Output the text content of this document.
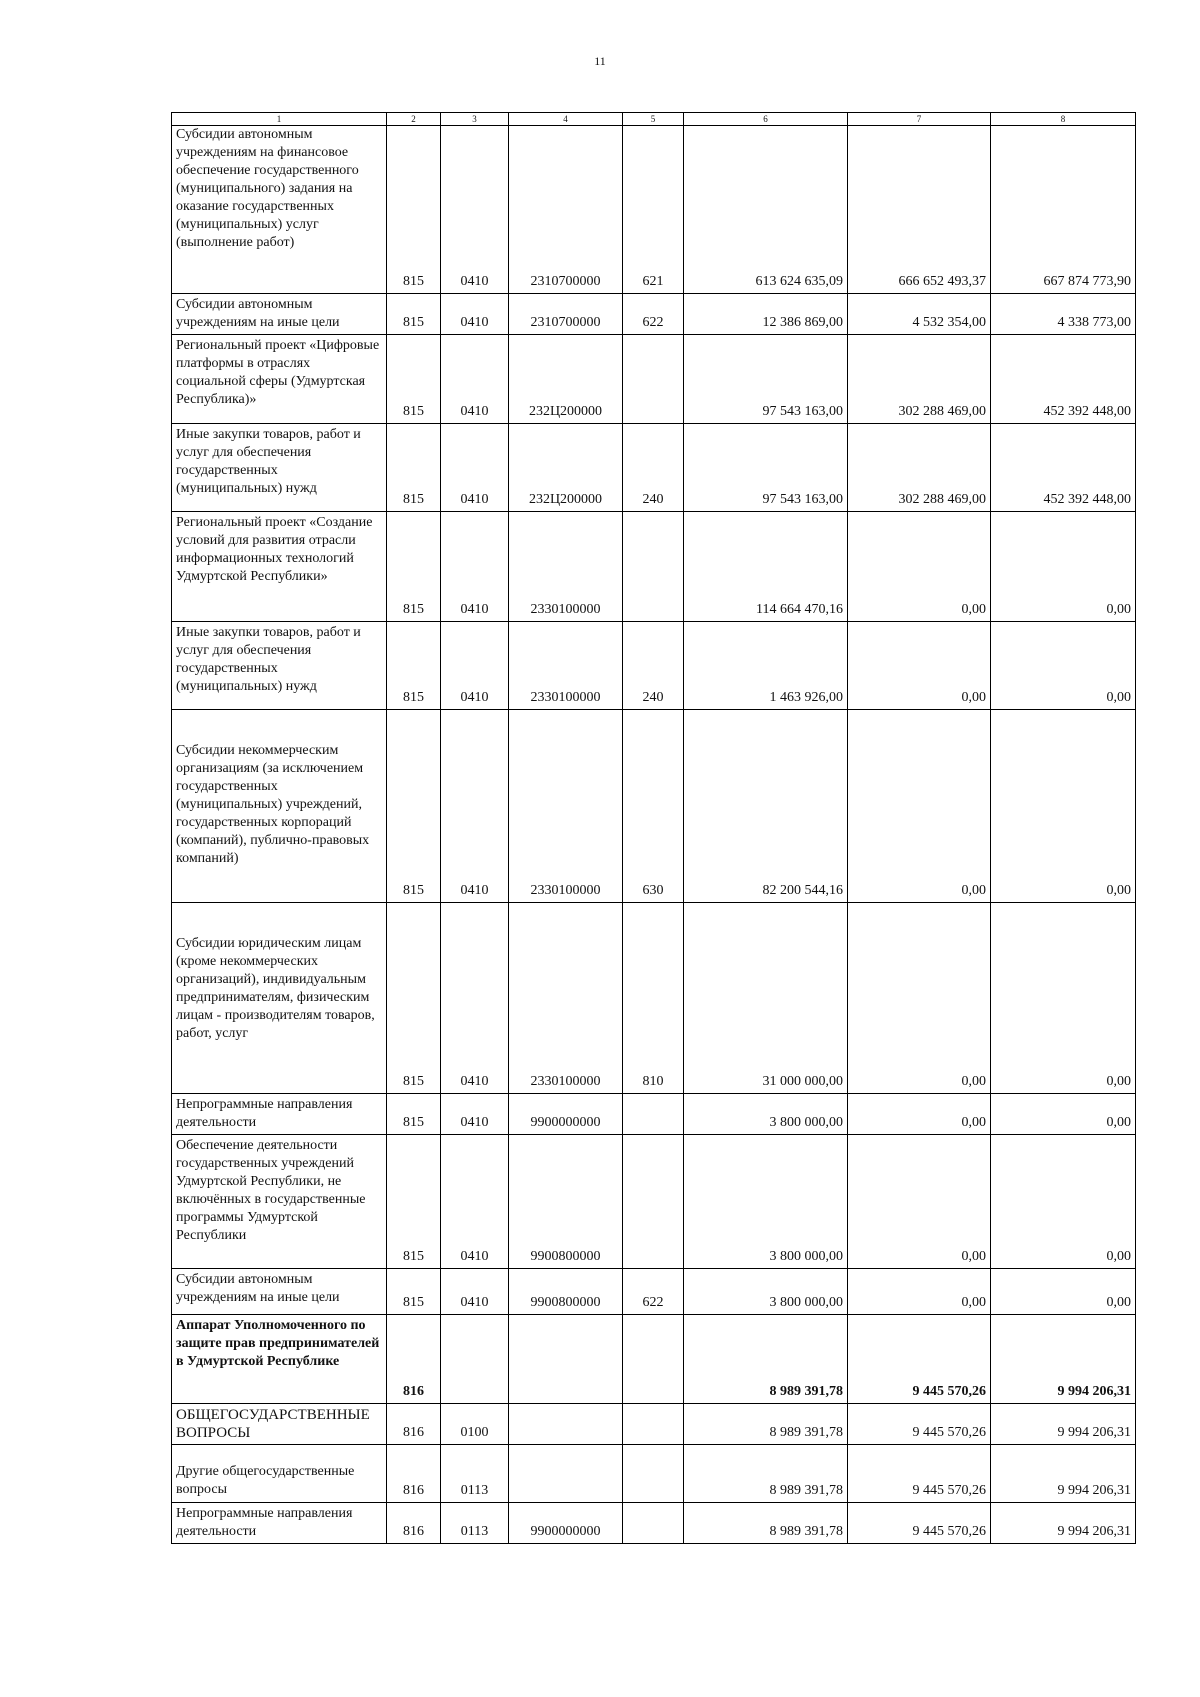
11
1	2	3	4	5	6	7	8
Субсидии автономным учреждениям на финансовое обеспечение государственного (муниципального) задания на оказание государственных (муниципальных) услуг (выполнение работ)	815	0410	2310700000	621	613 624 635,09	666 652 493,37	667 874 773,90
Субсидии автономным учреждениям на иные цели	815	0410	2310700000	622	12 386 869,00	4 532 354,00	4 338 773,00
Региональный проект «Цифровые платформы в отраслях социальной сферы (Удмуртская Республика)»	815	0410	232Ц200000		97 543 163,00	302 288 469,00	452 392 448,00
Иные закупки товаров, работ и услуг для обеспечения государственных (муниципальных) нужд	815	0410	232Ц200000	240	97 543 163,00	302 288 469,00	452 392 448,00
Региональный проект «Создание условий для развития отрасли информационных технологий Удмуртской Республики»	815	0410	2330100000		114 664 470,16	0,00	0,00
Иные закупки товаров, работ и услуг для обеспечения государственных (муниципальных) нужд	815	0410	2330100000	240	1 463 926,00	0,00	0,00
Субсидии некоммерческим организациям (за исключением государственных (муниципальных) учреждений, государственных корпораций (компаний), публично-правовых компаний)	815	0410	2330100000	630	82 200 544,16	0,00	0,00
Субсидии юридическим лицам (кроме некоммерческих организаций), индивидуальным предпринимателям, физическим лицам - производителям товаров, работ, услуг	815	0410	2330100000	810	31 000 000,00	0,00	0,00
Непрограммные направления деятельности	815	0410	9900000000		3 800 000,00	0,00	0,00
Обеспечение деятельности государственных учреждений Удмуртской Республики, не включённых в государственные программы Удмуртской Республики	815	0410	9900800000		3 800 000,00	0,00	0,00
Субсидии автономным учреждениям на иные цели	815	0410	9900800000	622	3 800 000,00	0,00	0,00
Аппарат Уполномоченного по защите прав предпринимателей в Удмуртской Республике	816				8 989 391,78	9 445 570,26	9 994 206,31
ОБЩЕГОСУДАРСТВЕННЫЕ ВОПРОСЫ	816	0100			8 989 391,78	9 445 570,26	9 994 206,31
Другие общегосударственные вопросы	816	0113			8 989 391,78	9 445 570,26	9 994 206,31
Непрограммные направления деятельности	816	0113	9900000000		8 989 391,78	9 445 570,26	9 994 206,31
